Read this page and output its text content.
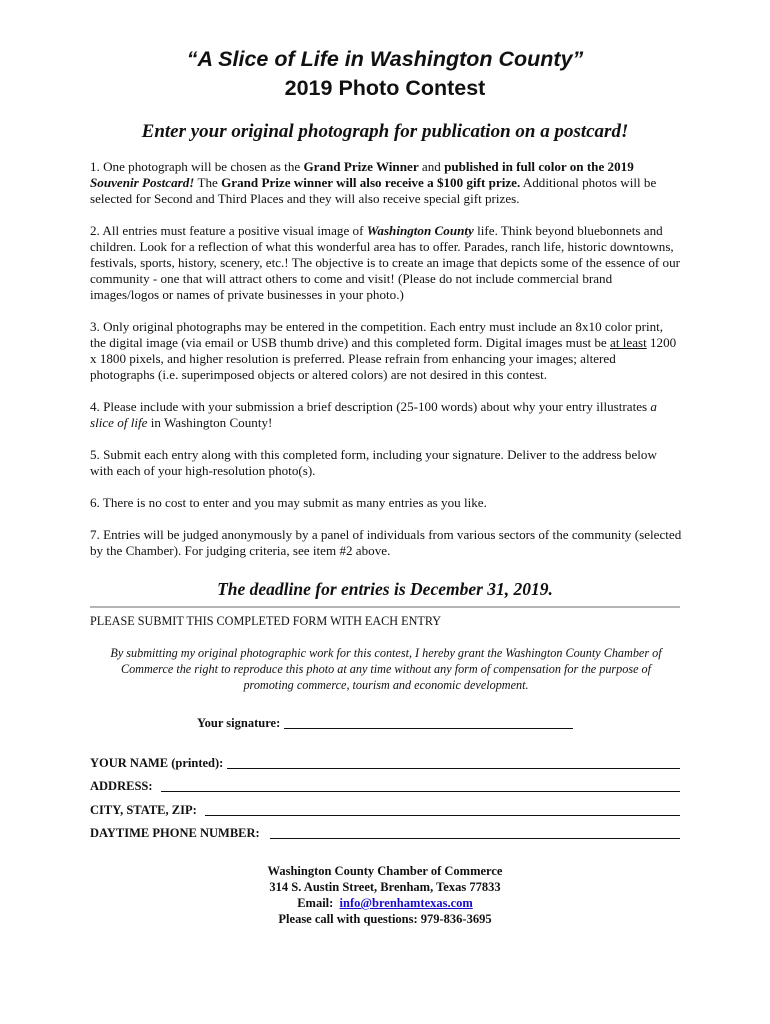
“A Slice of Life in Washington County”
2019 Photo Contest
Enter your original photograph for publication on a postcard!

1. One photograph will be chosen as the Grand Prize Winner and published in full color on the 2019 Souvenir Postcard! The Grand Prize winner will also receive a $100 gift prize. Additional photos will be selected for Second and Third Places and they will also receive special gift prizes.

2. All entries must feature a positive visual image of Washington County life. Think beyond bluebonnets and children. Look for a reflection of what this wonderful area has to offer. Parades, ranch life, historic downtowns, festivals, sports, history, scenery, etc.! The objective is to create an image that depicts some of the essence of our community - one that will attract others to come and visit! (Please do not include commercial brand images/logos or names of private businesses in your photo.)

3. Only original photographs may be entered in the competition. Each entry must include an 8x10 color print, the digital image (via email or USB thumb drive) and this completed form. Digital images must be at least 1200 x 1800 pixels, and higher resolution is preferred. Please refrain from enhancing your images; altered photographs (i.e. superimposed objects or altered colors) are not desired in this contest.

4. Please include with your submission a brief description (25-100 words) about why your entry illustrates a slice of life in Washington County!

5. Submit each entry along with this completed form, including your signature. Deliver to the address below with each of your high-resolution photo(s).

6. There is no cost to enter and you may submit as many entries as you like.

7. Entries will be judged anonymously by a panel of individuals from various sectors of the community (selected by the Chamber). For judging criteria, see item #2 above.

The deadline for entries is December 31, 2019.
PLEASE SUBMIT THIS COMPLETED FORM WITH EACH ENTRY
By submitting my original photographic work for this contest, I hereby grant the Washington County Chamber of Commerce the right to reproduce this photo at any time without any form of compensation for the purpose of promoting commerce, tourism and economic development.
Your signature:
YOUR NAME (printed):
ADDRESS:
CITY, STATE, ZIP:
DAYTIME PHONE NUMBER:
Washington County Chamber of Commerce
314 S. Austin Street, Brenham, Texas 77833
Email: info@brenhamtexas.com
Please call with questions: 979-836-3695
